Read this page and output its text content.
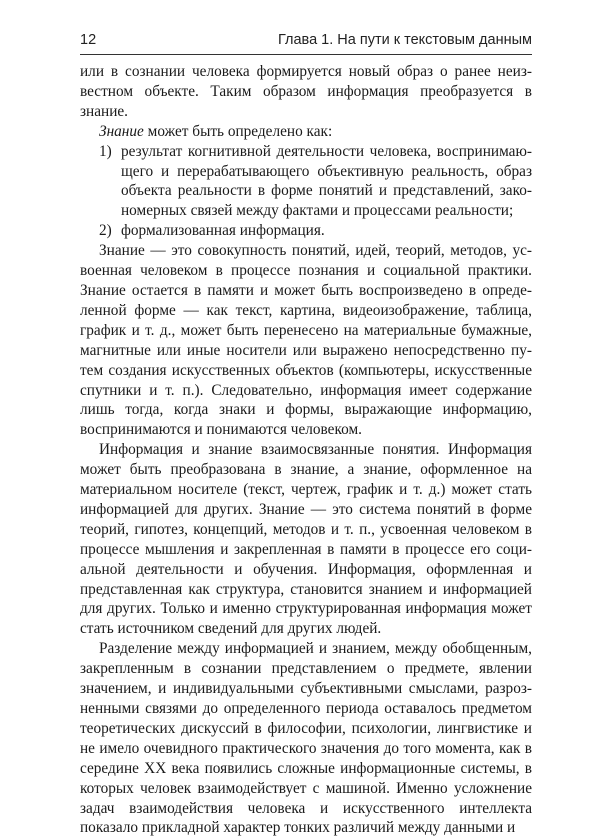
12	Глава 1. На пути к текстовым данным

или в сознании человека формируется новый образ о ранее неизвестном объекте. Таким образом информация преобразуется в знание.

Знание может быть определено как:

1) результат когнитивной деятельности человека, воспринимающего и перерабатывающего объективную реальность, образ объекта реальности в форме понятий и представлений, закономерных связей между фактами и процессами реальности;
2) формализованная информация.

Знание — это совокупность понятий, идей, теорий, методов, усвоенная человеком в процессе познания и социальной практики. Знание остается в памяти и может быть воспроизведено в определенной форме — как текст, картина, видеоизображение, таблица, график и т. д., может быть перенесено на материальные бумажные, магнитные или иные носители или выражено непосредственно путем создания искусственных объектов (компьютеры, искусственные спутники и т. п.). Следовательно, информация имеет содержание лишь тогда, когда знаки и формы, выражающие информацию, воспринимаются и понимаются человеком.

Информация и знание взаимосвязанные понятия. Информация может быть преобразована в знание, а знание, оформленное на материальном носителе (текст, чертеж, график и т. д.) может стать информацией для других. Знание — это система понятий в форме теорий, гипотез, концепций, методов и т. п., усвоенная человеком в процессе мышления и закрепленная в памяти в процессе его социальной деятельности и обучения. Информация, оформленная и представленная как структура, становится знанием и информацией для других. Только и именно структурированная информация может стать источником сведений для других людей.

Разделение между информацией и знанием, между обобщенным, закрепленным в сознании представлением о предмете, явлении значением, и индивидуальными субъективными смыслами, разрозненными связями до определенного периода оставалось предметом теоретических дискуссий в философии, психологии, лингвистике и не имело очевидного практического значения до того момента, как в середине XX века появились сложные информационные системы, в которых человек взаимодействует с машиной. Именно усложнение задач взаимодействия человека и искусственного интеллекта показало прикладной характер тонких различий между данными и
